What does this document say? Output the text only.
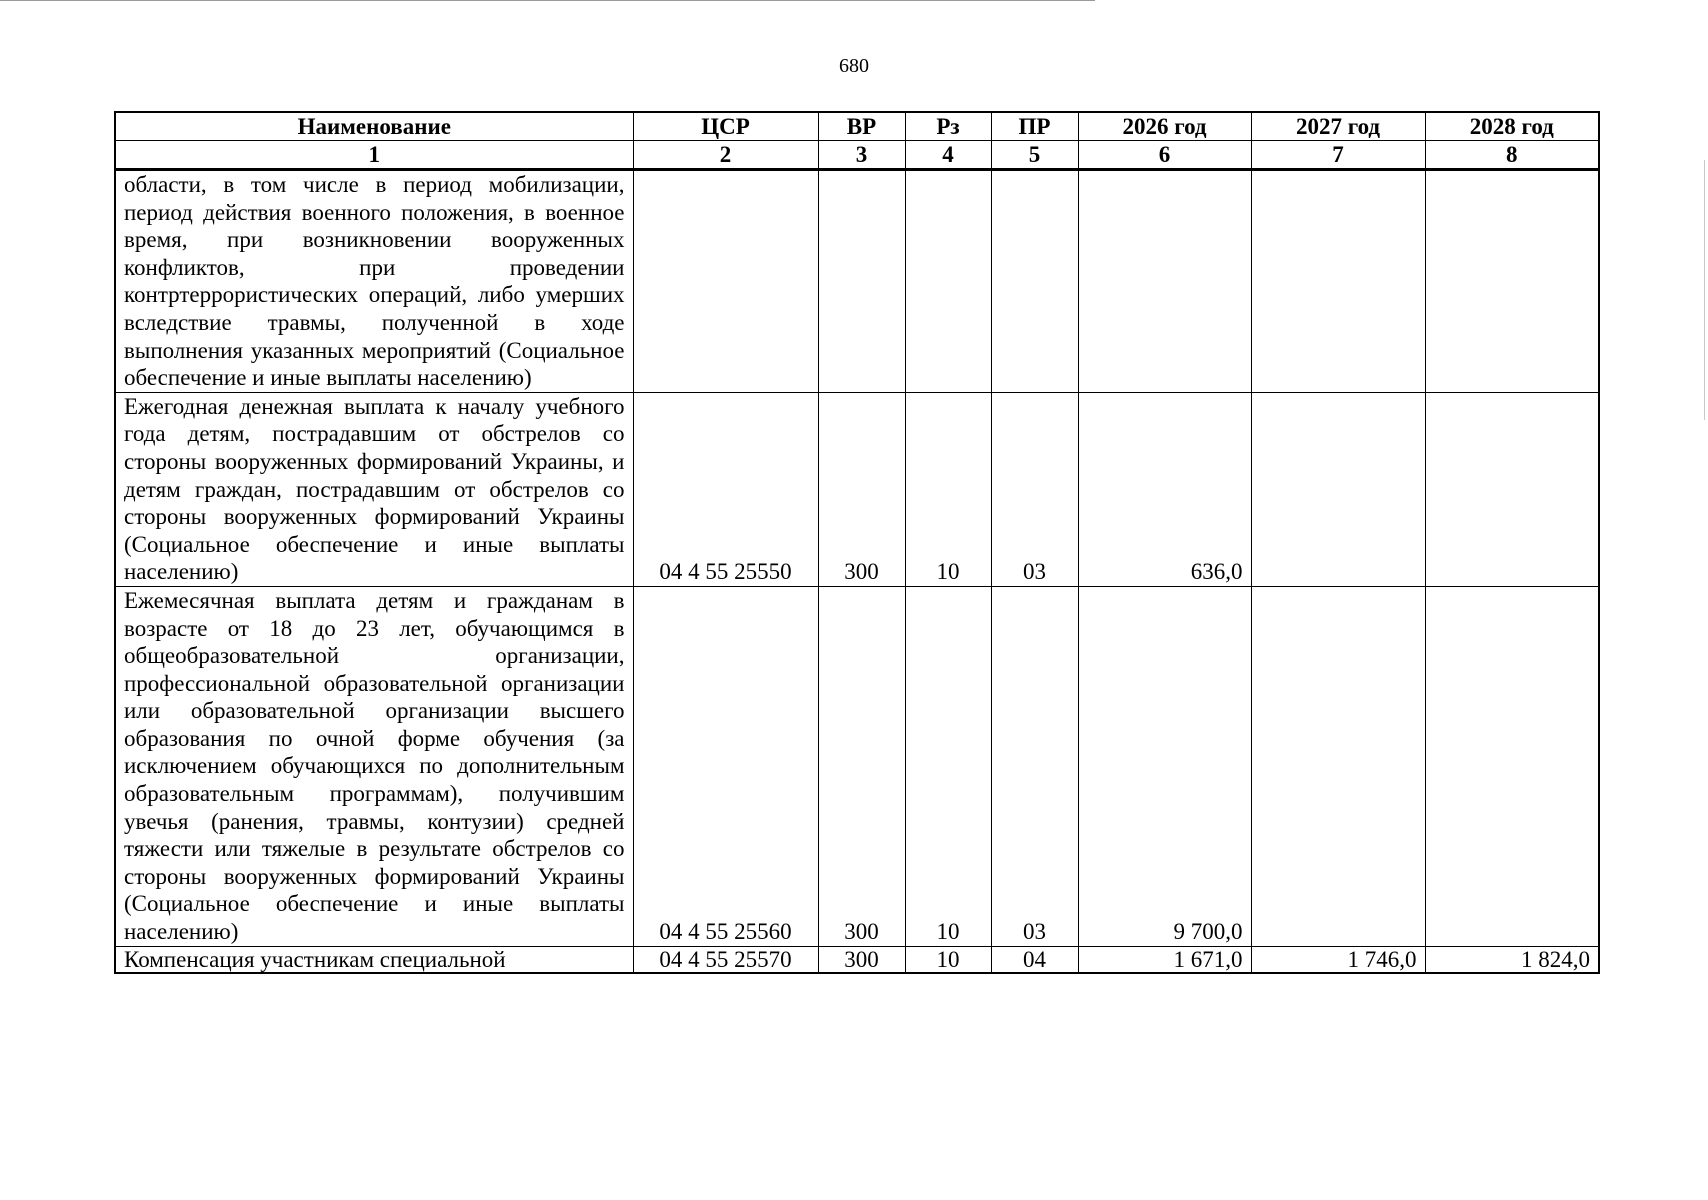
680
Наименование	ЦСР	ВР	Рз	ПР	2026 год	2027 год	2028 год
1	2	3	4	5	6	7	8
области, в том числе в период мобилизации, период действия военного положения, в военное время, при возникновении вооруженных конфликтов, при проведении контртеррористических операций, либо умерших вследствие травмы, полученной в ходе выполнения указанных мероприятий (Социальное обеспечение и иные выплаты населению)							
Ежегодная денежная выплата к началу учебного года детям, пострадавшим от обстрелов со стороны вооруженных формирований Украины, и детям граждан, пострадавшим от обстрелов со стороны вооруженных формирований Украины (Социальное обеспечение и иные выплаты населению)	04 4 55 25550	300	10	03	636,0		
Ежемесячная выплата детям и гражданам в возрасте от 18 до 23 лет, обучающимся в общеобразовательной организации, профессиональной образовательной организации или образовательной организации высшего образования по очной форме обучения (за исключением обучающихся по дополнительным образовательным программам), получившим увечья (ранения, травмы, контузии) средней тяжести или тяжелые в результате обстрелов со стороны вооруженных формирований Украины (Социальное обеспечение и иные выплаты населению)	04 4 55 25560	300	10	03	9 700,0		
Компенсация участникам специальной	04 4 55 25570	300	10	04	1 671,0	1 746,0	1 824,0
